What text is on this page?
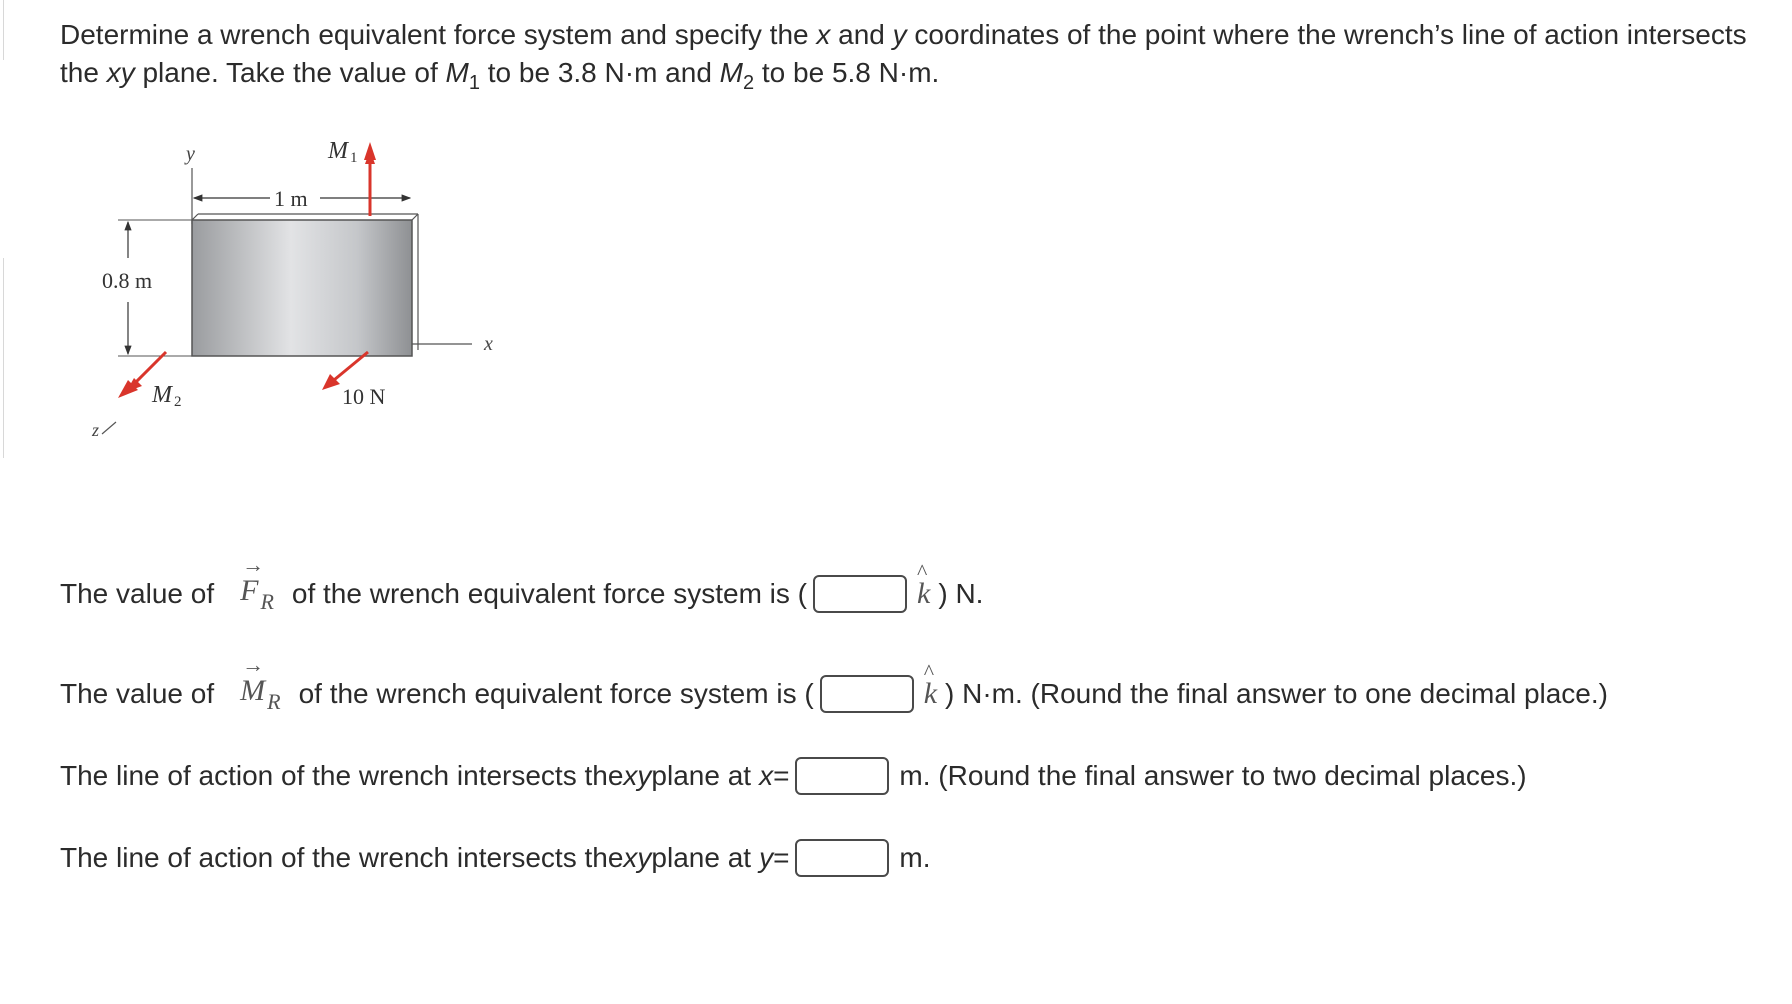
Determine a wrench equivalent force system and specify the x and y coordinates of the point where the wrench’s line of action intersects the xy plane. Take the value of $M_1$ to be 3.8 N·m and $M_2$ to be 5.8 N·m.
y
1 m
0.8 m
x
z
M 1
M 2	10 N
The value of
→
$F_R$ of the wrench equivalent force system is (
^
k ) N.
The value of
→
$M_R$ of the wrench equivalent force system is (
^
k ) N·m. (Round the final answer to one decimal place.)
The line of action of the wrench intersects the xy plane at x =	m. (Round the final answer to two decimal places.)
The line of action of the wrench intersects the xy plane at y =	m.
